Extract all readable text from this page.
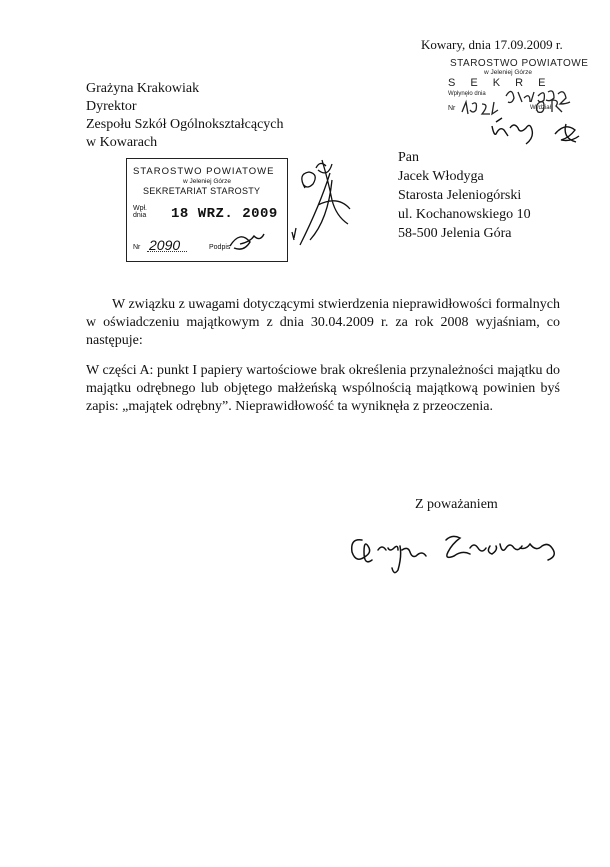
Kowary, dnia 17.09.2009 r.
Grażyna Krakowiak
Dyrektor
Zespołu Szkół Ogólnokształcących
w Kowarach
STAROSTWO POWIATOWE
w Jeleniej Górze
S E K R E
Wpłynęło dnia
Nr	Wydział
Pan
Jacek Włodyga
Starosta Jeleniogórski
ul. Kochanowskiego 10
58-500 Jelenia Góra
STAROSTWO POWIATOWE
w Jeleniej Górze
SEKRETARIAT STAROSTY
Wpł.
dnia 18 WRZ. 2009
Nr 2090	Podpis
W związku z uwagami dotyczącymi stwierdzenia nieprawidłowości formalnych w oświadczeniu majątkowym z dnia 30.04.2009 r. za rok 2008 wyjaśniam, co następuje:
W części A: punkt I papiery wartościowe brak określenia przynależności majątku do majątku odrębnego lub objętego małżeńską wspólnością majątkową powinien byś zapis: „majątek odrębny”. Nieprawidłowość ta wyniknęła z przeoczenia.
Z poważaniem
